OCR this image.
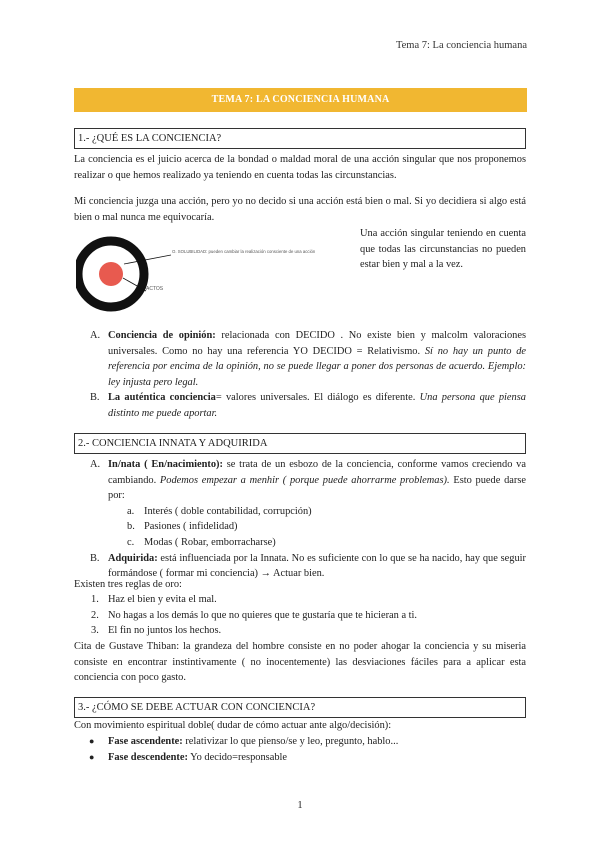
Tema 7: La conciencia humana
TEMA 7: LA CONCIENCIA HUMANA
1.- ¿QUÉ ES LA CONCIENCIA?
La conciencia es el juicio acerca de la bondad o maldad moral de una acción singular que nos proponemos realizar o que hemos realizado ya teniendo en cuenta todas las circunstancias.
Mi conciencia juzga una acción, pero yo no decido si una acción está bien o mal. Si yo decidiera si algo está bien o mal nunca me equivocaría.
Una acción singular teniendo en cuenta que todas las circunstancias no pueden estar bien y mal a la vez.
O. SOLUBILIDAD: pueden cambiar la realización consciente de una acción
ACTOS
A. Conciencia de opinión: relacionada con DECIDO . No existe bien y malcolm valoraciones universales. Como no hay una referencia YO DECIDO = Relativismo. Sí no hay un punto de referencia por encima de la opinión, no se puede llegar a poner dos personas de acuerdo. Ejemplo: ley injusta pero legal.
B. La auténtica conciencia= valores universales. El diálogo es diferente. Una persona que piensa distinto me puede aportar.
2.- CONCIENCIA INNATA Y ADQUIRIDA
A. In/nata ( En/nacimiento): se trata de un esbozo de la conciencia, conforme vamos creciendo va cambiando. Podemos empezar a menhir ( porque puede ahorrarme problemas). Esto puede darse por:
a. Interés ( doble contabilidad, corrupción)
b. Pasiones ( infidelidad)
c. Modas ( Robar, emborracharse)
B. Adquirida: está influenciada por la Innata. No es suficiente con lo que se ha nacido, hay que seguir formándose ( formar mi conciencia) → Actuar bien.
Existen tres reglas de oro:
1. Haz el bien y evita el mal.
2. No hagas a los demás lo que no quieres que te gustaría que te hicieran a ti.
3. El fin no juntos los hechos.
Cita de Gustave Thiban: la grandeza del hombre consiste en no poder ahogar la conciencia y su miseria consiste en encontrar instintivamente ( no inocentemente) las desviaciones fáciles para a aplicar esta conciencia con poco gasto.
3.- ¿CÓMO SE DEBE ACTUAR CON CONCIENCIA?
Con movimiento espiritual doble( dudar de cómo actuar ante algo/decisión):
● Fase ascendente: relativizar lo que pienso/se y leo, pregunto, hablo...
● Fase descendente: Yo decido=responsable
1
